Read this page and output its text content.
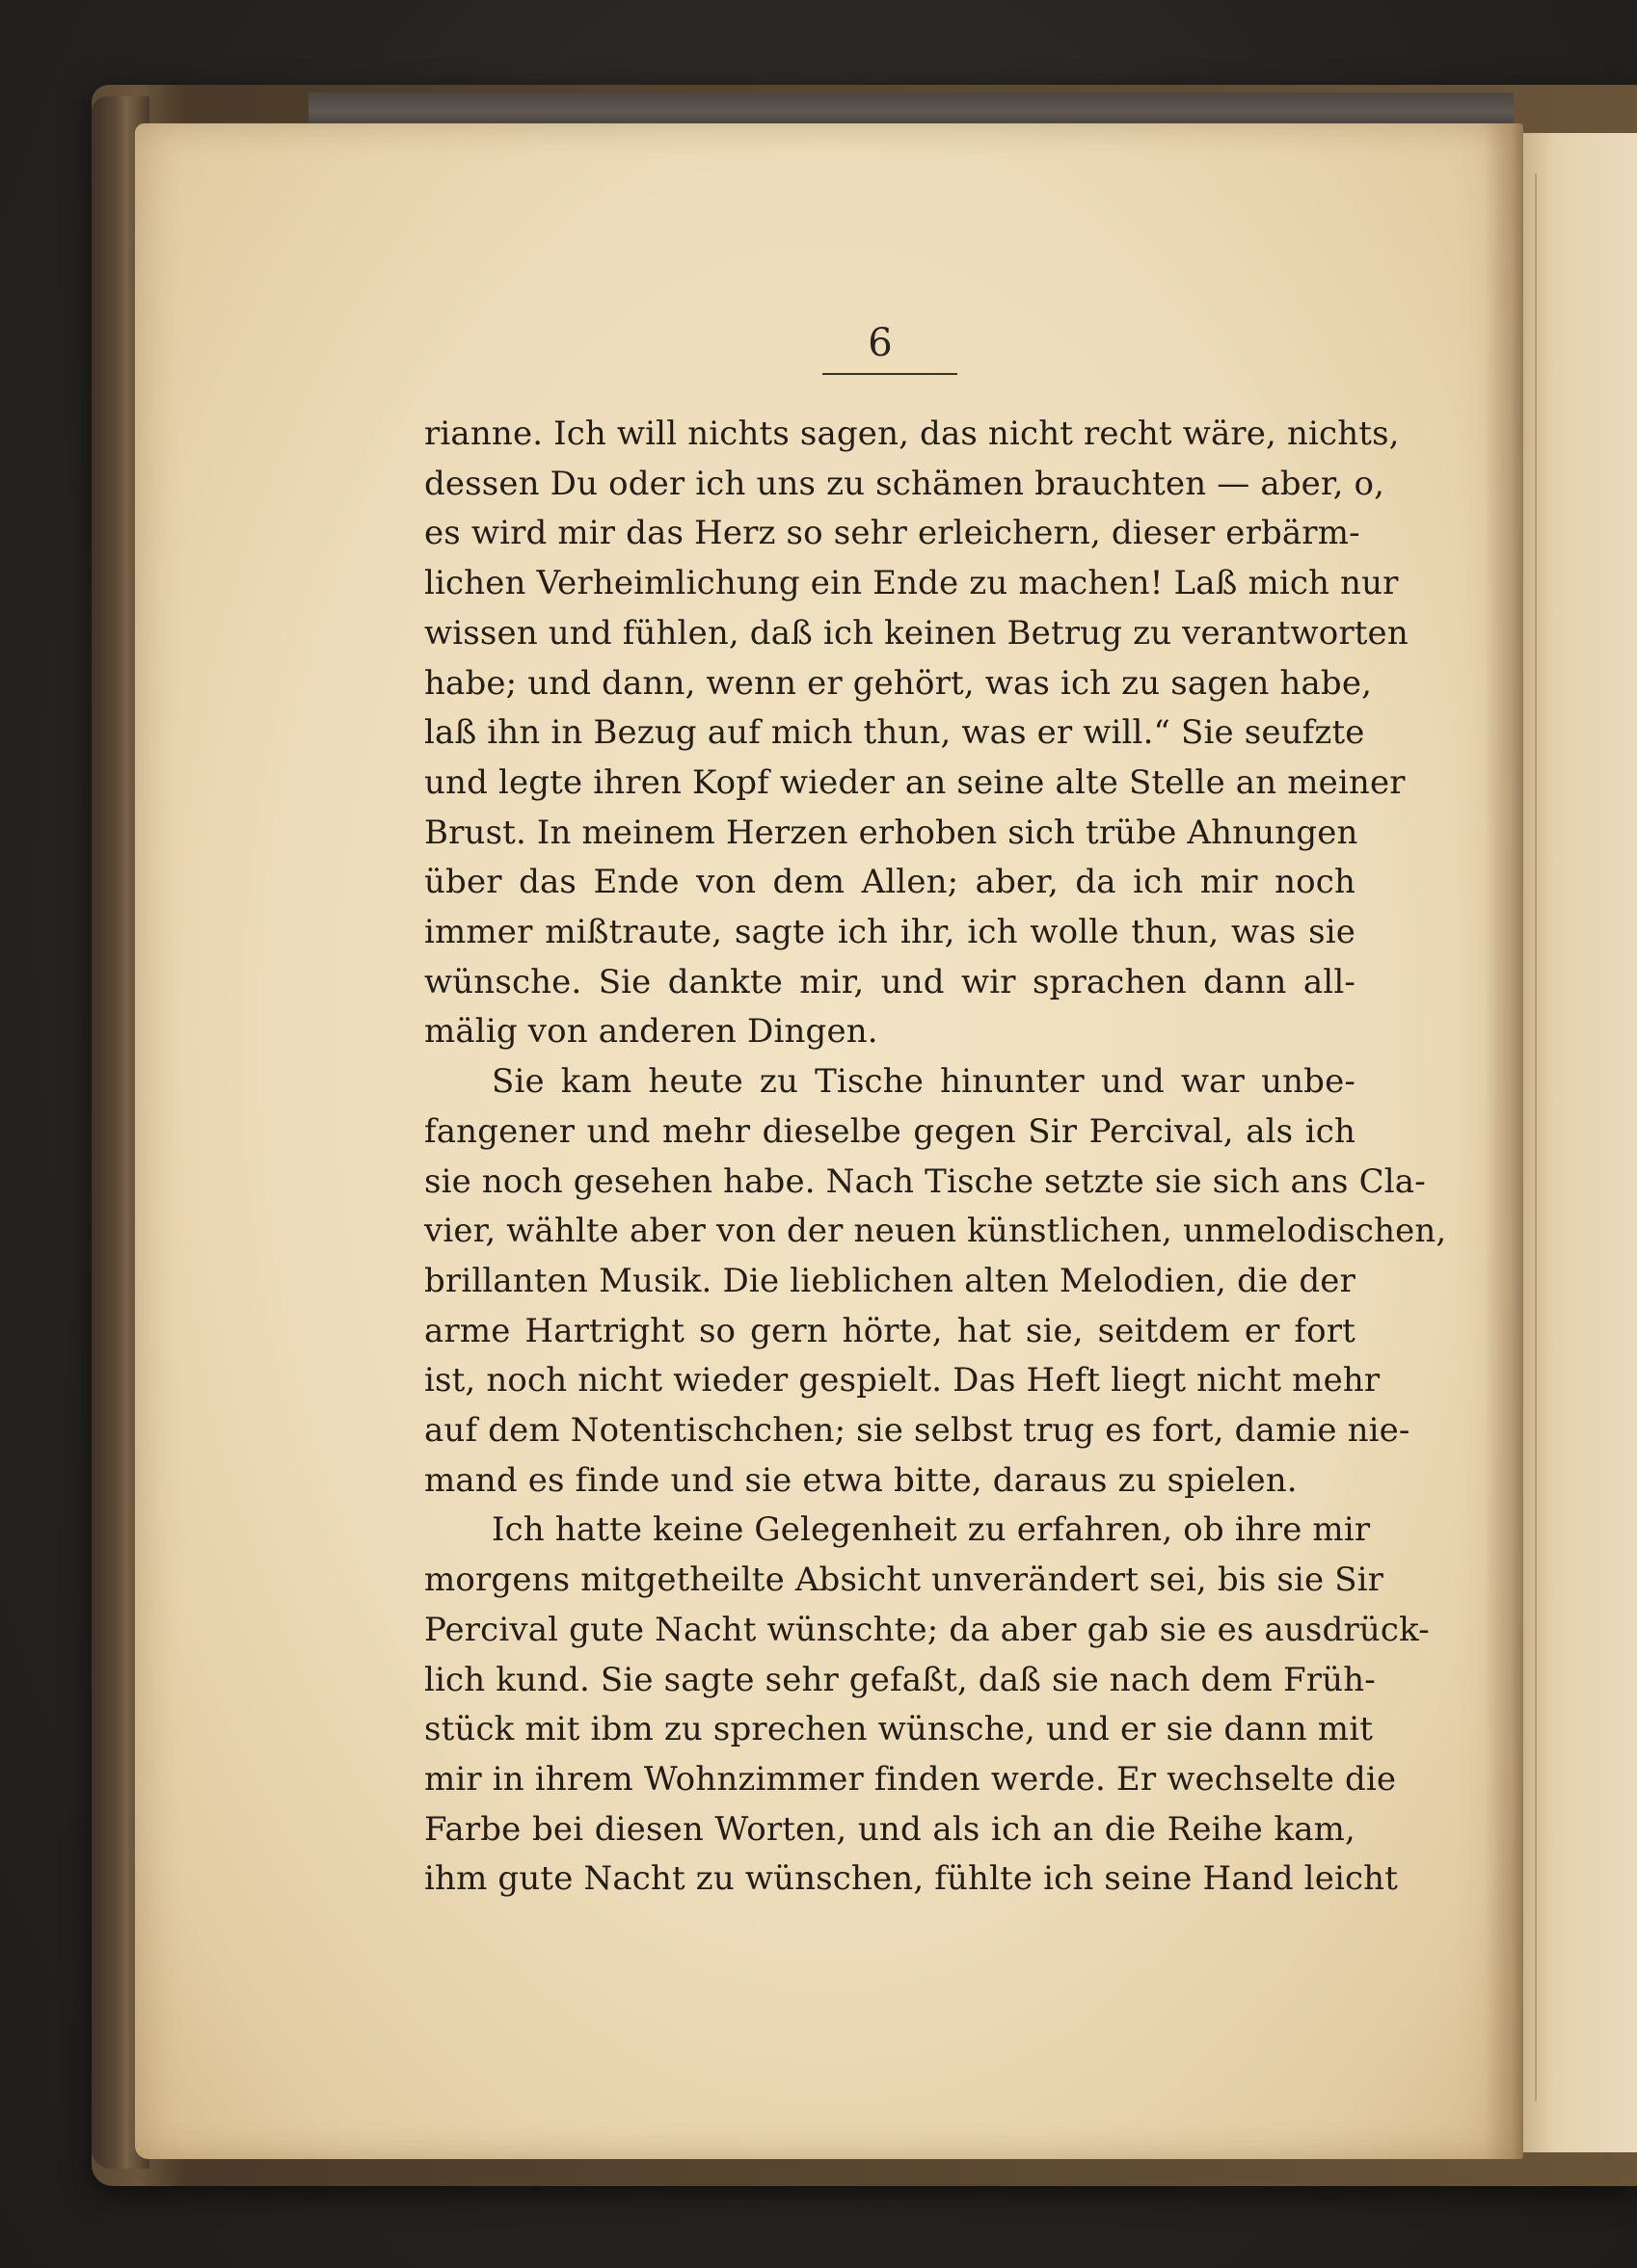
6
rianne. Ich will nichts sagen, das nicht recht wäre, nichts,
dessen Du oder ich uns zu schämen brauchten — aber, o,
es wird mir das Herz so sehr erleichern, dieser erbärm-
lichen Verheimlichung ein Ende zu machen! Laß mich nur
wissen und fühlen, daß ich keinen Betrug zu verantworten
habe; und dann, wenn er gehört, was ich zu sagen habe,
laß ihn in Bezug auf mich thun, was er will.“ Sie seufzte
und legte ihren Kopf wieder an seine alte Stelle an meiner
Brust. In meinem Herzen erhoben sich trübe Ahnungen
über das Ende von dem Allen; aber, da ich mir noch
immer mißtraute, sagte ich ihr, ich wolle thun, was sie
wünsche. Sie dankte mir, und wir sprachen dann all-
mälig von anderen Dingen.
Sie kam heute zu Tische hinunter und war unbe-
fangener und mehr dieselbe gegen Sir Percival, als ich
sie noch gesehen habe. Nach Tische setzte sie sich ans Cla-
vier, wählte aber von der neuen künstlichen, unmelodischen,
brillanten Musik. Die lieblichen alten Melodien, die der
arme Hartright so gern hörte, hat sie, seitdem er fort
ist, noch nicht wieder gespielt. Das Heft liegt nicht mehr
auf dem Notentischchen; sie selbst trug es fort, damie nie-
mand es finde und sie etwa bitte, daraus zu spielen.
Ich hatte keine Gelegenheit zu erfahren, ob ihre mir
morgens mitgetheilte Absicht unverändert sei, bis sie Sir
Percival gute Nacht wünschte; da aber gab sie es ausdrück-
lich kund. Sie sagte sehr gefaßt, daß sie nach dem Früh-
stück mit ibm zu sprechen wünsche, und er sie dann mit
mir in ihrem Wohnzimmer finden werde. Er wechselte die
Farbe bei diesen Worten, und als ich an die Reihe kam,
ihm gute Nacht zu wünschen, fühlte ich seine Hand leicht
